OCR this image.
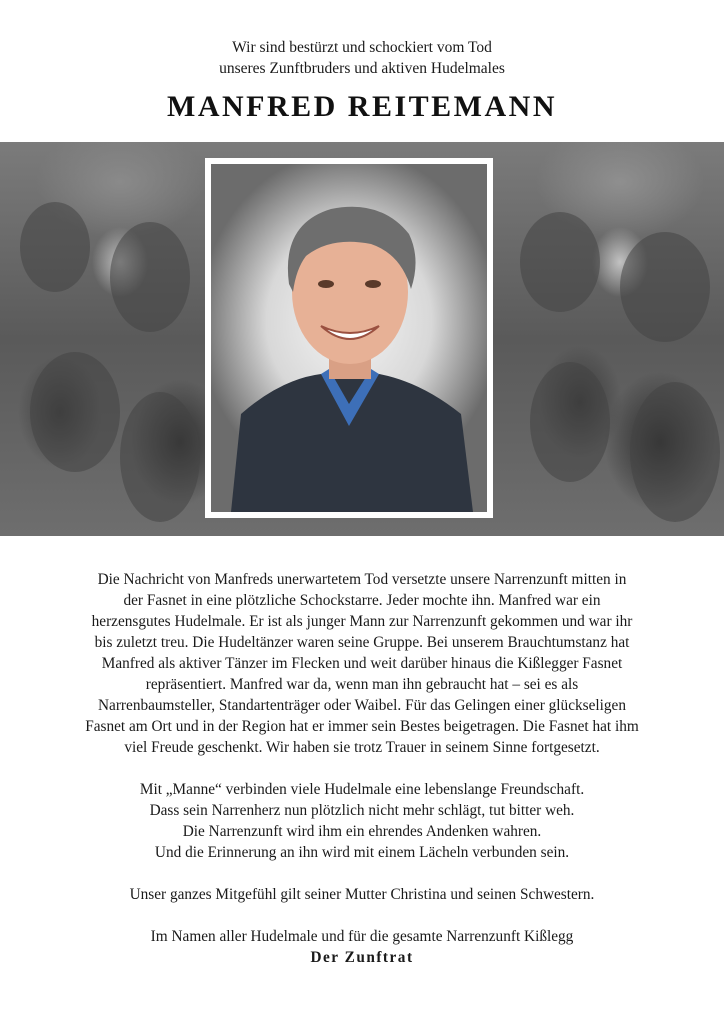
Wir sind bestürzt und schockiert vom Tod
unseres Zunftbruders und aktiven Hudelmales
MANFRED REITEMANN

Die Nachricht von Manfreds unerwartetem Tod versetzte unsere Narrenzunft mitten in
der Fasnet in eine plötzliche Schockstarre. Jeder mochte ihn. Manfred war ein
herzensgutes Hudelmale. Er ist als junger Mann zur Narrenzunft gekommen und war ihr
bis zuletzt treu. Die Hudeltänzer waren seine Gruppe. Bei unserem Brauchtumstanz hat
Manfred als aktiver Tänzer im Flecken und weit darüber hinaus die Kißlegger Fasnet
repräsentiert. Manfred war da, wenn man ihn gebraucht hat – sei es als
Narrenbaumsteller, Standartenträger oder Waibel. Für das Gelingen einer glückseligen
Fasnet am Ort und in der Region hat er immer sein Bestes beigetragen. Die Fasnet hat ihm
viel Freude geschenkt. Wir haben sie trotz Trauer in seinem Sinne fortgesetzt.

Mit „Manne“ verbinden viele Hudelmale eine lebenslange Freundschaft.
Dass sein Narrenherz nun plötzlich nicht mehr schlägt, tut bitter weh.
Die Narrenzunft wird ihm ein ehrendes Andenken wahren.
Und die Erinnerung an ihn wird mit einem Lächeln verbunden sein.

Unser ganzes Mitgefühl gilt seiner Mutter Christina und seinen Schwestern.

Im Namen aller Hudelmale und für die gesamte Narrenzunft Kißlegg

Der Zunftrat
